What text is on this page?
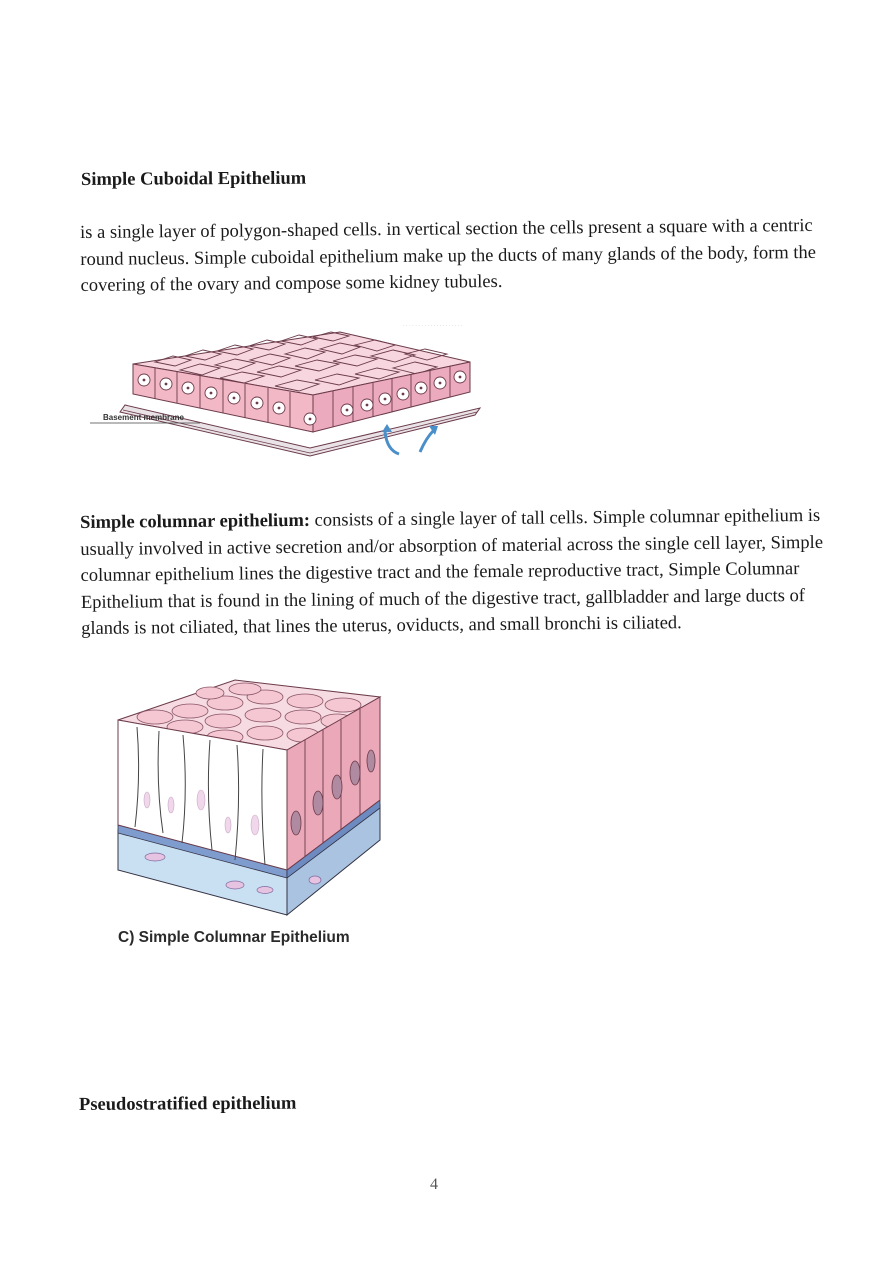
Simple Cuboidal Epithelium
is a single layer of polygon-shaped cells. in vertical section the cells present a square with a centric round nucleus. Simple cuboidal epithelium make up the ducts of many glands of the body, form the covering of the ovary and compose some kidney tubules.
· · · · · · · · · · · · · · · · · · · ·
Basement membrane
Simple columnar epithelium: consists of a single layer of tall cells. Simple columnar epithelium is usually involved in active secretion and/or absorption of material across the single cell layer, Simple columnar epithelium lines the digestive tract and the female reproductive tract, Simple Columnar Epithelium that is found in the lining of much of the digestive tract, gallbladder and large ducts of glands is not ciliated, that lines the uterus, oviducts, and small bronchi is ciliated.
C) Simple Columnar Epithelium
Pseudostratified epithelium
4
